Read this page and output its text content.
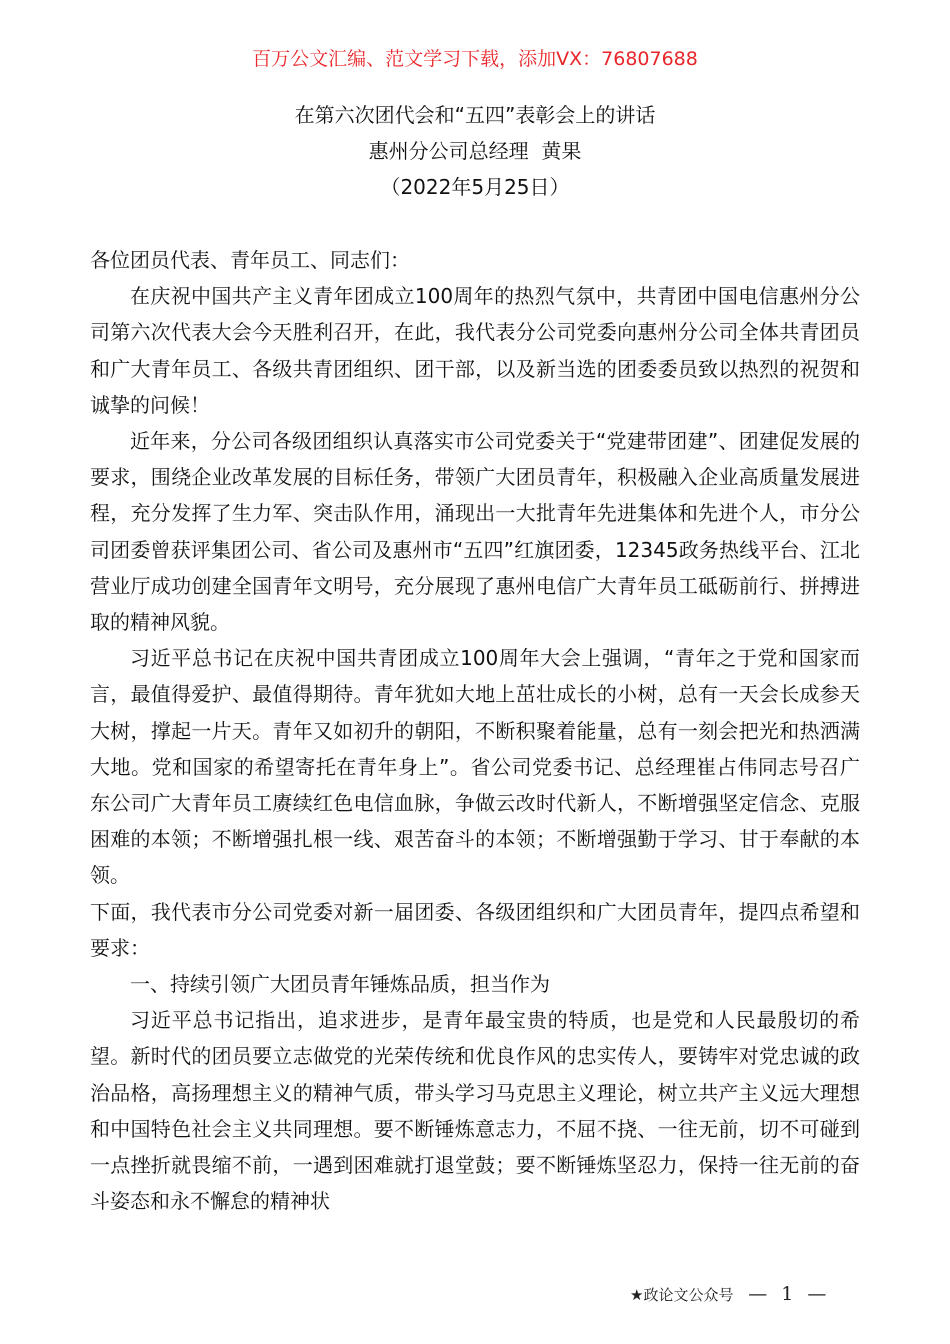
百万公文汇编、范文学习下载，添加VX：76807688
在第六次团代会和“五四”表彰会上的讲话
惠州分公司总经理  黄果
（2022年5月25日）

各位团员代表、青年员工、同志们：

在庆祝中国共产主义青年团成立100周年的热烈气氛中，共青团中国电信惠州分公司第六次代表大会今天胜利召开，在此，我代表分公司党委向惠州分公司全体共青团员和广大青年员工、各级共青团组织、团干部，以及新当选的团委委员致以热烈的祝贺和诚挚的问候！

近年来，分公司各级团组织认真落实市公司党委关于“党建带团建”、团建促发展的要求，围绕企业改革发展的目标任务，带领广大团员青年，积极融入企业高质量发展进程，充分发挥了生力军、突击队作用，涌现出一大批青年先进集体和先进个人，市分公司团委曾获评集团公司、省公司及惠州市“五四”红旗团委，12345政务热线平台、江北营业厅成功创建全国青年文明号，充分展现了惠州电信广大青年员工砥砺前行、拼搏进取的精神风貌。

习近平总书记在庆祝中国共青团成立100周年大会上强调，“青年之于党和国家而言，最值得爱护、最值得期待。青年犹如大地上茁壮成长的小树，总有一天会长成参天大树，撑起一片天。青年又如初升的朝阳，不断积聚着能量，总有一刻会把光和热洒满大地。党和国家的希望寄托在青年身上”。省公司党委书记、总经理崔占伟同志号召广东公司广大青年员工赓续红色电信血脉，争做云改时代新人，不断增强坚定信念、克服困难的本领；不断增强扎根一线、艰苦奋斗的本领；不断增强勤于学习、甘于奉献的本领。

下面，我代表市分公司党委对新一届团委、各级团组织和广大团员青年，提四点希望和要求：

一、持续引领广大团员青年锤炼品质，担当作为

习近平总书记指出，追求进步，是青年最宝贵的特质，也是党和人民最殷切的希望。新时代的团员要立志做党的光荣传统和优良作风的忠实传人，要铸牢对党忠诚的政治品格，高扬理想主义的精神气质，带头学习马克思主义理论，树立共产主义远大理想和中国特色社会主义共同理想。要不断锤炼意志力，不屈不挠、一往无前，切不可碰到一点挫折就畏缩不前，一遇到困难就打退堂鼓；要不断锤炼坚忍力，保持一往无前的奋斗姿态和永不懈怠的精神状

★政论文公众号 — 1 —
